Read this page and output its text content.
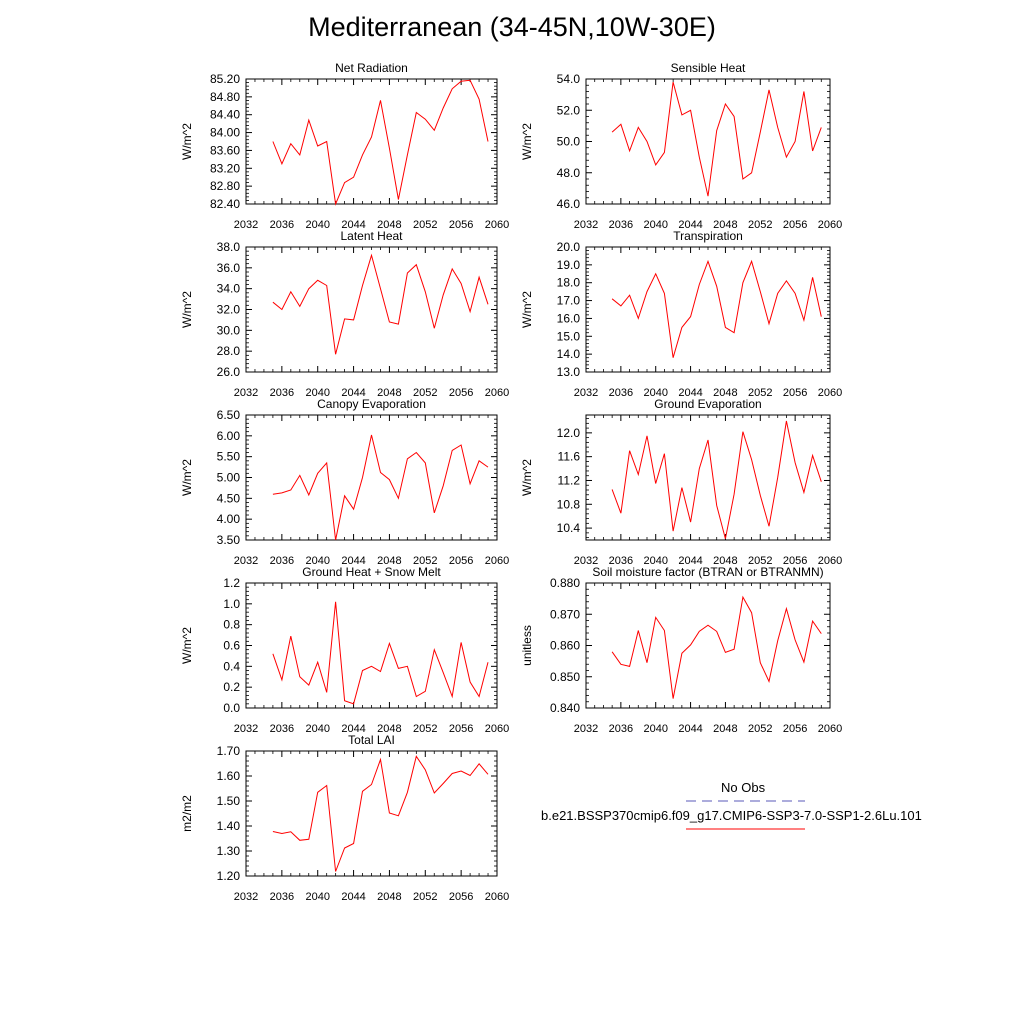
Mediterranean (34-45N,10W-30E)
2032 2036 2040 2044 2048 2052 2056 2060
82.40
82.80
83.20
83.60
84.00
84.40
84.80
85.20
Net Radiation
W/m^2
2032 2036 2040 2044 2048 2052 2056 2060
46.0
48.0
50.0
52.0
54.0
Sensible Heat
W/m^2
2032 2036 2040 2044 2048 2052 2056 2060
26.0
28.0
30.0
32.0
34.0
36.0
38.0
Latent Heat
W/m^2
2032 2036 2040 2044 2048 2052 2056 2060
13.0
14.0
15.0
16.0
17.0
18.0
19.0
20.0
Transpiration
W/m^2
2032 2036 2040 2044 2048 2052 2056 2060
3.50
4.00
4.50
5.00
5.50
6.00
6.50
Canopy Evaporation
W/m^2
2032 2036 2040 2044 2048 2052 2056 2060
10.4
10.8
11.2
11.6
12.0
Ground Evaporation
W/m^2
2032 2036 2040 2044 2048 2052 2056 2060
0.0
0.2
0.4
0.6
0.8
1.0
1.2
Ground Heat + Snow Melt
W/m^2
2032 2036 2040 2044 2048 2052 2056 2060
0.840
0.850
0.860
0.870
0.880
Soil moisture factor (BTRAN or BTRANMN)
unitless
2032 2036 2040 2044 2048 2052 2056 2060
1.20
1.30
1.40
1.50
1.60
1.70
Total LAI
m2/m2
No Obs
b.e21.BSSP370cmip6.f09_g17.CMIP6-SSP3-7.0-SSP1-2.6Lu.101
